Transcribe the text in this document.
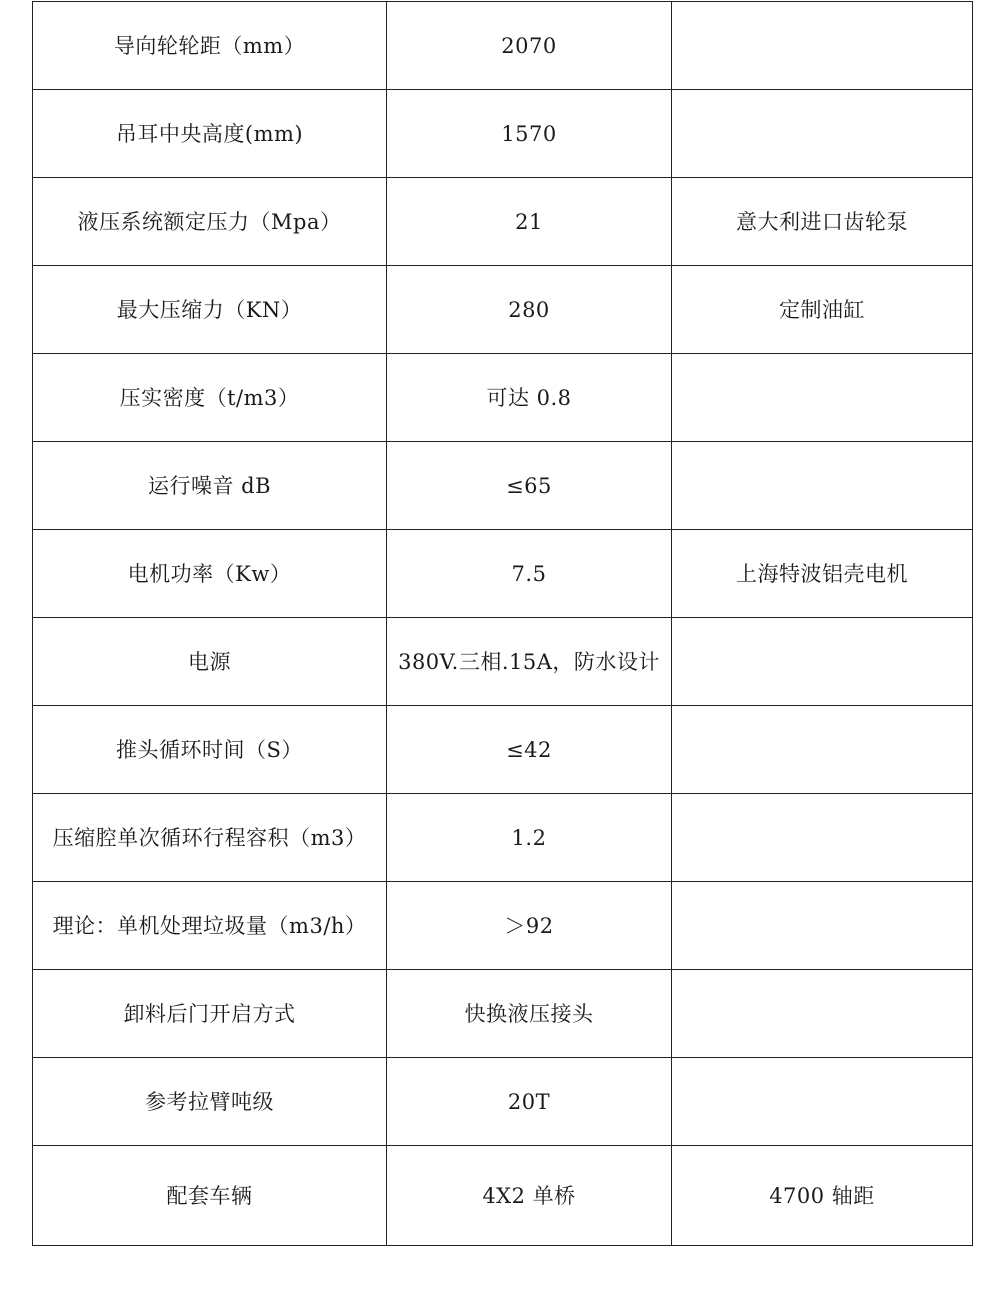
导向轮轮距（mm）	2070	
吊耳中央高度(mm)	1570	
液压系统额定压力（Mpa）	21	意大利进口齿轮泵
最大压缩力（KN）	280	定制油缸
压实密度（t/m3）	可达 0.8	
运行噪音 dB	≤65	
电机功率（Kw）	7.5	上海特波铝壳电机
电源	380V.三相.15A，防水设计	
推头循环时间（S）	≤42	
压缩腔单次循环行程容积（m3）	1.2	
理论：单机处理垃圾量（m3/h）	＞92	
卸料后门开启方式	快换液压接头	
参考拉臂吨级	20T	
配套车辆	4X2 单桥	4700 轴距
